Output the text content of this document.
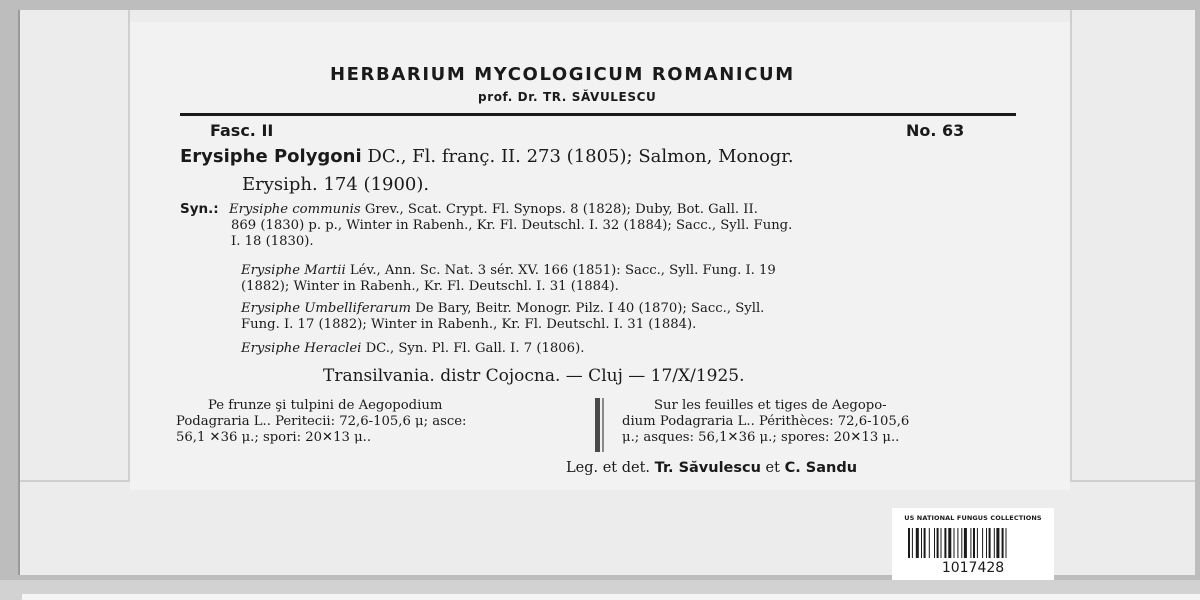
HERBARIUM MYCOLOGICUM ROMANICUM
prof. Dr. TR. SĂVULESCU
Fasc. II	No. 63
Erysiphe Polygoni DC., Fl. franç. II. 273 (1805); Salmon, Monogr.
Erysiph. 174 (1900).
Syn.: Erysiphe communis Grev., Scat. Crypt. Fl. Synops. 8 (1828); Duby, Bot. Gall. II.
869 (1830) p. p., Winter in Rabenh., Kr. Fl. Deutschl. I. 32 (1884); Sacc., Syll. Fung.
I. 18 (1830).
Erysiphe Martii Lév., Ann. Sc. Nat. 3 sér. XV. 166 (1851): Sacc., Syll. Fung. I. 19
(1882); Winter in Rabenh., Kr. Fl. Deutschl. I. 31 (1884).
Erysiphe Umbelliferarum De Bary, Beitr. Monogr. Pilz. I 40 (1870); Sacc., Syll.
Fung. I. 17 (1882); Winter in Rabenh., Kr. Fl. Deutschl. I. 31 (1884).
Erysiphe Heraclei DC., Syn. Pl. Fl. Gall. I. 7 (1806).
Transilvania. distr Cojocna. — Cluj — 17/X/1925.
Pe frunze şi tulpini de Aegopodium
Podagraria L.. Peritecii: 72,6-105,6 μ; asce:
56,1 ✕36 μ.; spori: 20✕13 μ..
Sur les feuilles et tiges de Aegopo-
dium Podagraria L.. Périthèces: 72,6-105,6
μ.; asques: 56,1✕36 μ.; spores: 20✕13 μ..
Leg. et det. Tr. Săvulescu et C. Sandu
US NATIONAL FUNGUS COLLECTIONS
1017428
